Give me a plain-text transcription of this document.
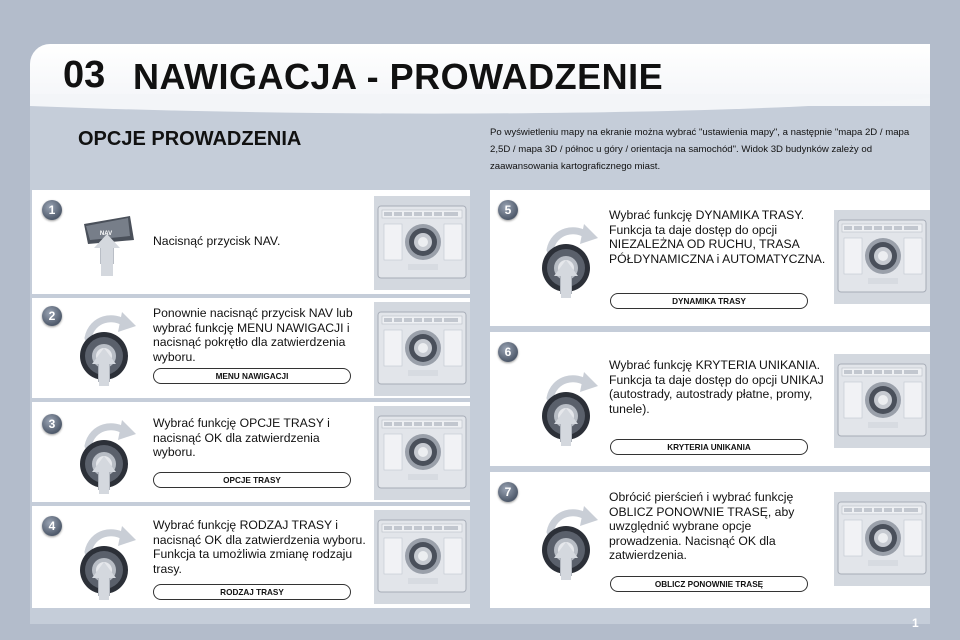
03 NAWIGACJA - PROWADZENIE
OPCJE PROWADZENIA	Po wyświetleniu mapy na ekranie można wybrać "ustawienia mapy", a następnie "mapa 2D / mapa 2,5D / mapa 3D / północ u góry / orientacja na samochód". Widok 3D budynków zależy od zaawansowania kartograficznego miast.
1
NAV	Nacisnąć przycisk NAV.
2	Ponownie nacisnąć przycisk NAV lub wybrać funkcję MENU NAWIGACJI i nacisnąć pokrętło dla zatwierdzenia wyboru.
MENU NAWIGACJI
3	Wybrać funkcję OPCJE TRASY i nacisnąć OK dla zatwierdzenia wyboru.
OPCJE TRASY
4	Wybrać funkcję RODZAJ TRASY i nacisnąć OK dla zatwierdzenia wyboru. Funkcja ta umożliwia zmianę rodzaju trasy.
RODZAJ TRASY
5	Wybrać funkcję DYNAMIKA TRASY. Funkcja ta daje dostęp do opcji NIEZALEŻNA OD RUCHU, TRASA PÓŁDYNAMICZNA i AUTOMATYCZNA.
DYNAMIKA TRASY
6
Wybrać funkcję KRYTERIA UNIKANIA. Funkcja ta daje dostęp do opcji UNIKAJ (autostrady, autostrady płatne, promy, tunele).
KRYTERIA UNIKANIA
7	Obrócić pierścień i wybrać funkcję OBLICZ PONOWNIE TRASĘ, aby uwzględnić wybrane opcje prowadzenia. Nacisnąć OK dla zatwierdzenia.
OBLICZ PONOWNIE TRASĘ
1
